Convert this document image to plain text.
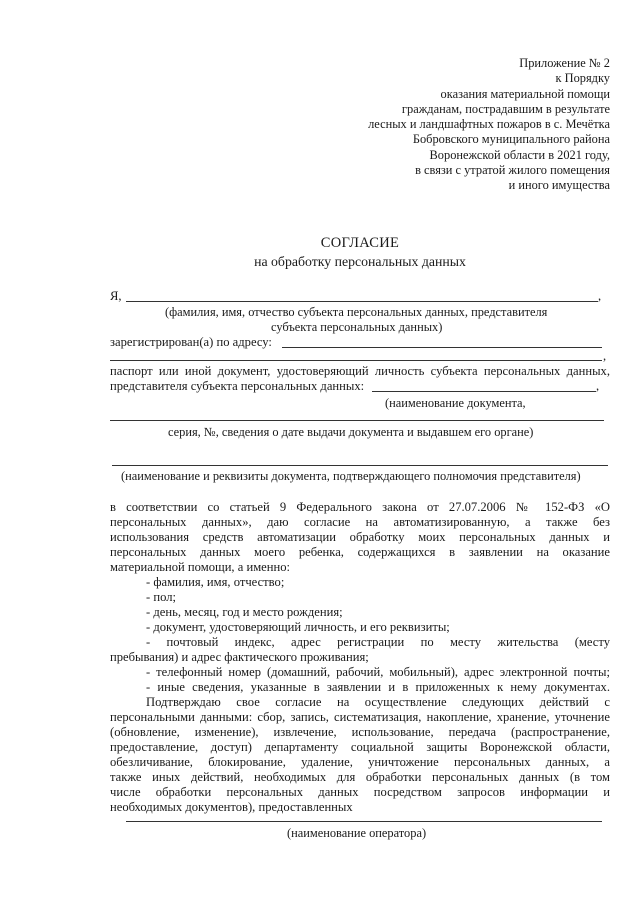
Приложение № 2
к Порядку
оказания материальной помощи
гражданам, пострадавшим в результате
лесных и ландшафтных пожаров в с. Мечётка
Бобровского муниципального района
Воронежской области в 2021 году,
в связи с утратой жилого помещения
и иного имущества
СОГЛАСИЕ
на обработку персональных данных
Я,	,
(фамилия, имя, отчество субъекта персональных данных, представителя
субъекта персональных данных)
зарегистрирован(а) по адресу:
,
паспорт или иной документ, удостоверяющий личность субъекта персональных данных,
представителя субъекта персональных данных:	,
(наименование документа,
серия, №, сведения о дате выдачи документа и выдавшем его органе)
(наименование и реквизиты документа, подтверждающего полномочия представителя)
в соответствии со статьей 9 Федерального закона от 27.07.2006 № 152-ФЗ «О
персональных данных», даю согласие на автоматизированную, а также без
использования средств автоматизации обработку моих персональных данных и
персональных данных моего ребенка, содержащихся в заявлении на оказание
материальной помощи, а именно:
- фамилия, имя, отчество;
- пол;
- день, месяц, год и место рождения;
- документ, удостоверяющий личность, и его реквизиты;
- почтовый индекс, адрес регистрации по месту жительства (месту
пребывания) и адрес фактического проживания;
- телефонный номер (домашний, рабочий, мобильный), адрес электронной почты;
- иные сведения, указанные в заявлении и в приложенных к нему документах.
Подтверждаю свое согласие на осуществление следующих действий с
персональными данными: сбор, запись, систематизация, накопление, хранение, уточнение
(обновление, изменение), извлечение, использование, передача (распространение,
предоставление, доступ) департаменту социальной защиты Воронежской области,
обезличивание, блокирование, удаление, уничтожение персональных данных, а
также иных действий, необходимых для обработки персональных данных (в том
числе обработки персональных данных посредством запросов информации и
необходимых документов), предоставленных
(наименование оператора)
